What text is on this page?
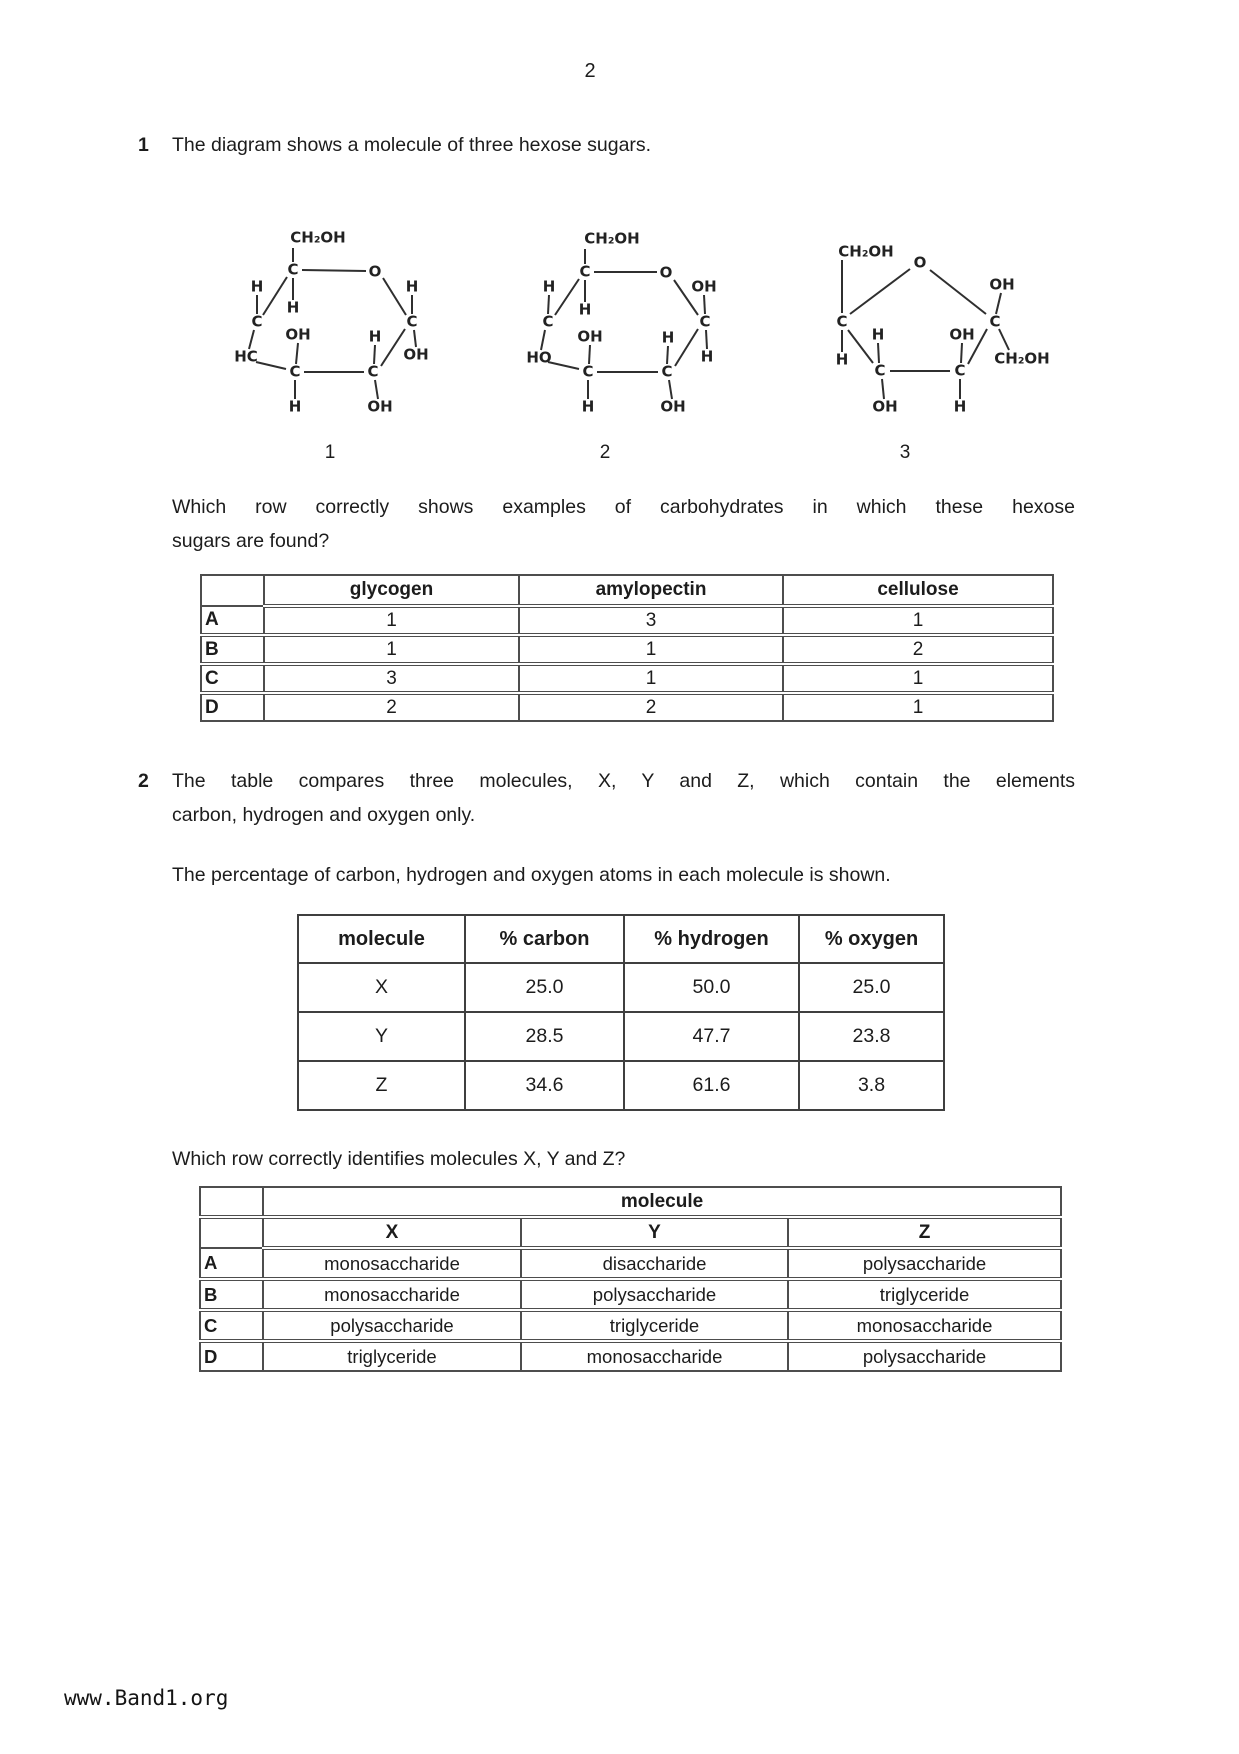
2
1 The diagram shows a molecule of three hexose sugars.
1	2	3
CH₂OH
C	O
H
H
H
C	C
OH	H
HC	OH
C	C
H	OH
CH₂OH
C	O
OH
H
H
C	C
OH	H
HO	H
C	C
H	OH
CH₂OH
O
OH
C	C
H
H	OH
CH₂OH
C	C
OH	H
Which row correctly shows examples of carbohydrates in which these hexose
sugars are found?
	glycogen	amylopectin	cellulose
A	1	3	1
B	1	1	2
C	3	1	1
D	2	2	1
2 The table compares three molecules, X, Y and Z, which contain the elements
carbon, hydrogen and oxygen only.
The percentage of carbon, hydrogen and oxygen atoms in each molecule is shown.
molecule	% carbon	% hydrogen	% oxygen
X	25.0	50.0	25.0
Y	28.5	47.7	23.8
Z	34.6	61.6	3.8
Which row correctly identifies molecules X, Y and Z?
	molecule		
	X	Y	Z
A	monosaccharide	disaccharide	polysaccharide
B	monosaccharide	polysaccharide	triglyceride
C	polysaccharide	triglyceride	monosaccharide
D	triglyceride	monosaccharide	polysaccharide
www.Band1.org
